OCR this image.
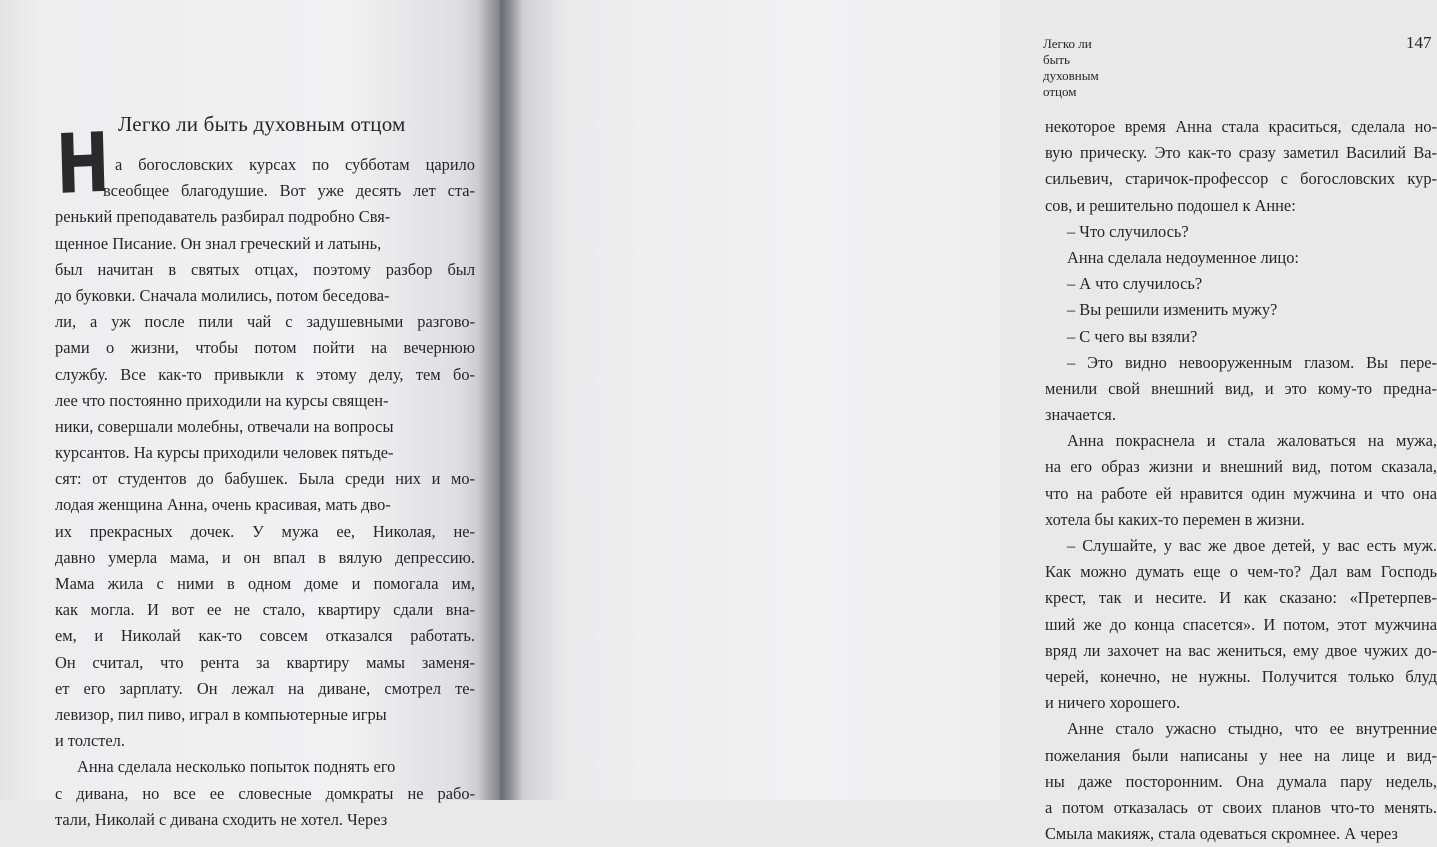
Легко ли быть духовным отцом
Н а богословских курсах по субботам царило
всеобщее благодушие. Вот уже десять лет ста-
ренький преподаватель разбирал подробно Свя-
щенное Писание. Он знал греческий и латынь,
был начитан в святых отцах, поэтому разбор был
до буковки. Сначала молились, потом беседова-
ли, а уж после пили чай с задушевными разгово-
рами о жизни, чтобы потом пойти на вечернюю
службу. Все как-то привыкли к этому делу, тем бо-
лее что постоянно приходили на курсы священ-
ники, совершали молебны, отвечали на вопросы
курсантов. На курсы приходили человек пятьде-
сят: от студентов до бабушек. Была среди них и мо-
лодая женщина Анна, очень красивая, мать дво-
их прекрасных дочек. У мужа ее, Николая, не-
давно умерла мама, и он впал в вялую депрессию.
Мама жила с ними в одном доме и помогала им,
как могла. И вот ее не стало, квартиру сдали вна-
ем, и Николай как-то совсем отказался работать.
Он считал, что рента за квартиру мамы заменя-
ет его зарплату. Он лежал на диване, смотрел те-
левизор, пил пиво, играл в компьютерные игры
и толстел.
Анна сделала несколько попыток поднять его
с дивана, но все ее словесные домкраты не рабо-
тали, Николай с дивана сходить не хотел. Через
Легко ли быть духовным отцом
147
некоторое время Анна стала краситься, сделала но-
вую прическу. Это как-то сразу заметил Василий Ва-
сильевич, старичок-профессор с богословских кур-
сов, и решительно подошел к Анне:
– Что случилось?
Анна сделала недоуменное лицо:
– А что случилось?
– Вы решили изменить мужу?
– С чего вы взяли?
– Это видно невооруженным глазом. Вы пере-
менили свой внешний вид, и это кому-то предна-
значается.
Анна покраснела и стала жаловаться на мужа,
на его образ жизни и внешний вид, потом сказала,
что на работе ей нравится один мужчина и что она
хотела бы каких-то перемен в жизни.
– Слушайте, у вас же двое детей, у вас есть муж.
Как можно думать еще о чем-то? Дал вам Господь
крест, так и несите. И как сказано: «Претерпев-
ший же до конца спасется». И потом, этот мужчина
вряд ли захочет на вас жениться, ему двое чужих до-
черей, конечно, не нужны. Получится только блуд
и ничего хорошего.
Анне стало ужасно стыдно, что ее внутренние
пожелания были написаны у нее на лице и вид-
ны даже посторонним. Она думала пару недель,
а потом отказалась от своих планов что-то менять.
Смыла макияж, стала одеваться скромнее. А через
